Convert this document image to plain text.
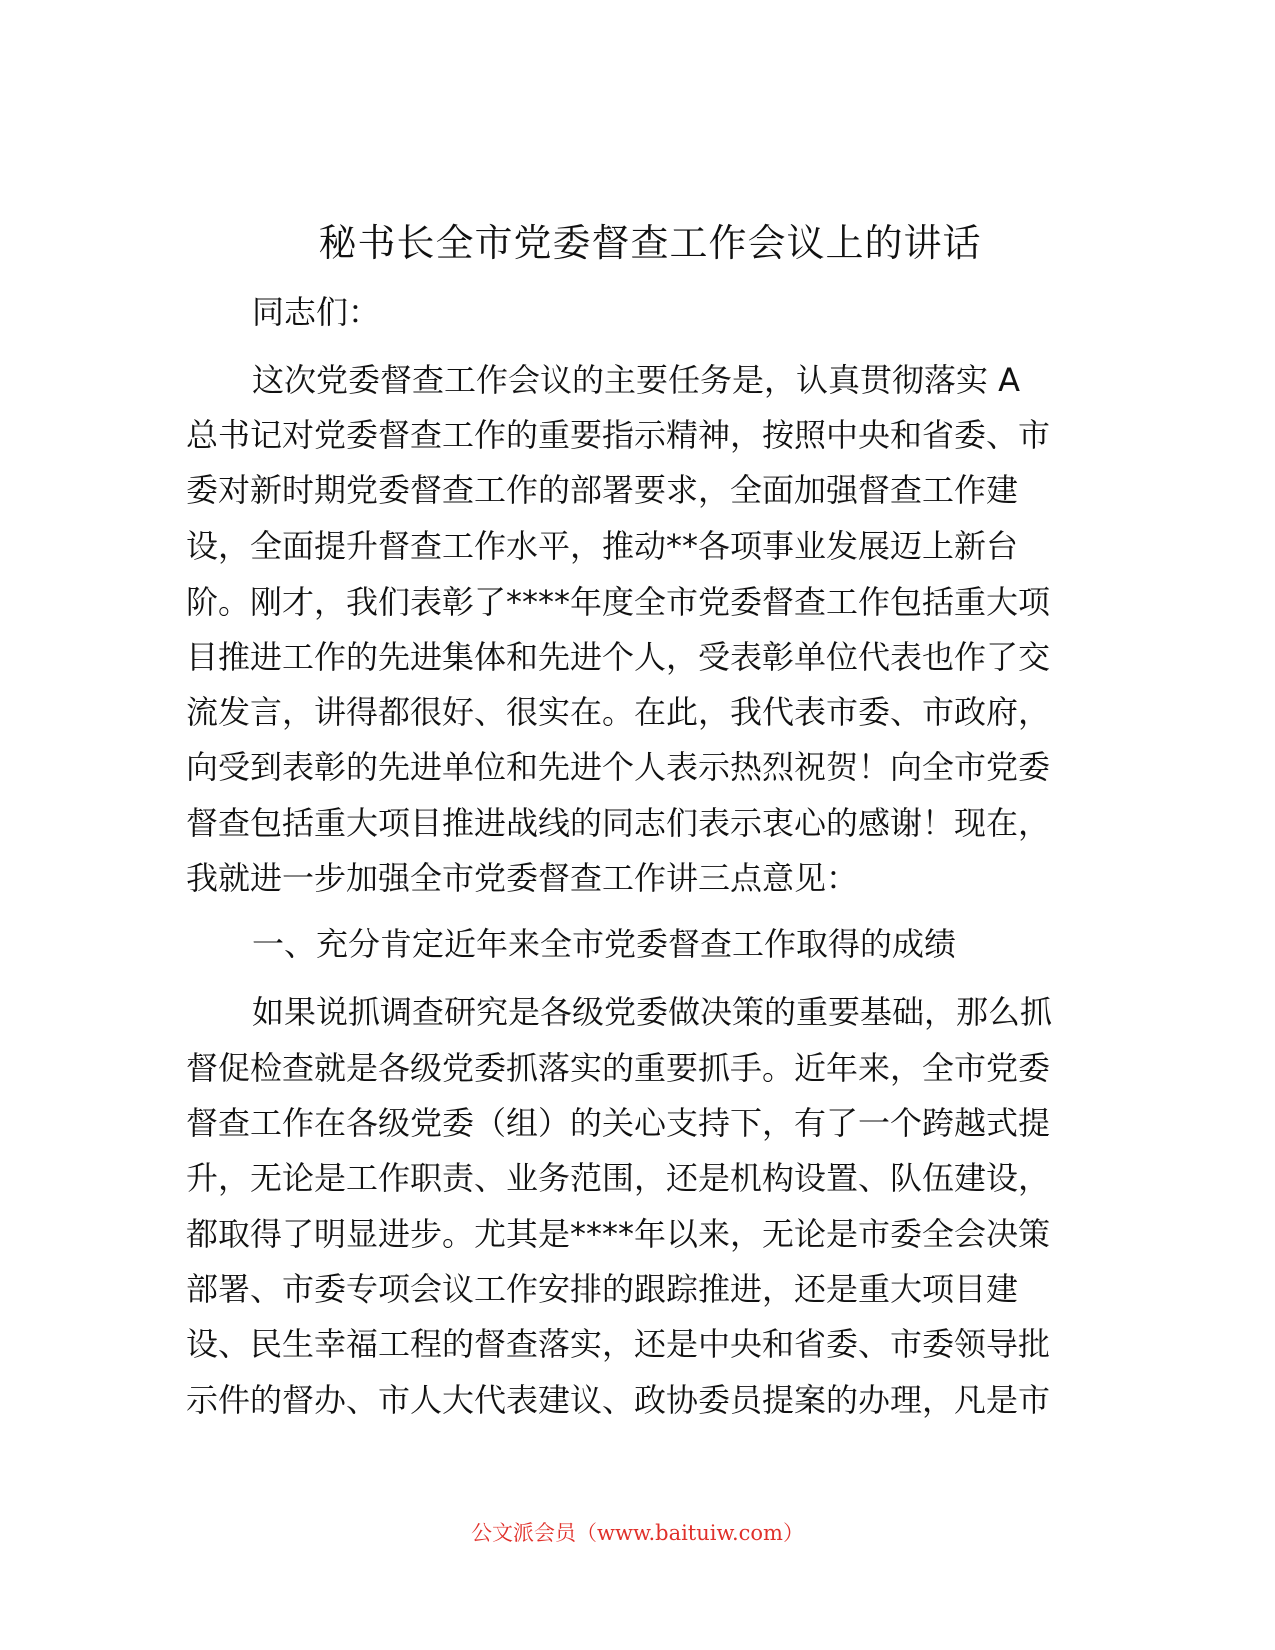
秘书长全市党委督查工作会议上的讲话

同志们：

这次党委督查工作会议的主要任务是，认真贯彻落实 A

总书记对党委督查工作的重要指示精神，按照中央和省委、市

委对新时期党委督查工作的部署要求，全面加强督查工作建

设，全面提升督查工作水平，推动**各项事业发展迈上新台

阶。刚才，我们表彰了****年度全市党委督查工作包括重大项

目推进工作的先进集体和先进个人，受表彰单位代表也作了交

流发言，讲得都很好、很实在。在此，我代表市委、市政府，

向受到表彰的先进单位和先进个人表示热烈祝贺！向全市党委

督查包括重大项目推进战线的同志们表示衷心的感谢！现在，

我就进一步加强全市党委督查工作讲三点意见：

一、充分肯定近年来全市党委督查工作取得的成绩

如果说抓调查研究是各级党委做决策的重要基础，那么抓

督促检查就是各级党委抓落实的重要抓手。近年来，全市党委

督查工作在各级党委（组）的关心支持下，有了一个跨越式提

升，无论是工作职责、业务范围，还是机构设置、队伍建设，

都取得了明显进步。尤其是****年以来，无论是市委全会决策

部署、市委专项会议工作安排的跟踪推进，还是重大项目建

设、民生幸福工程的督查落实，还是中央和省委、市委领导批

示件的督办、市人大代表建议、政协委员提案的办理，凡是市

公文派会员（www.baituiw.com）
